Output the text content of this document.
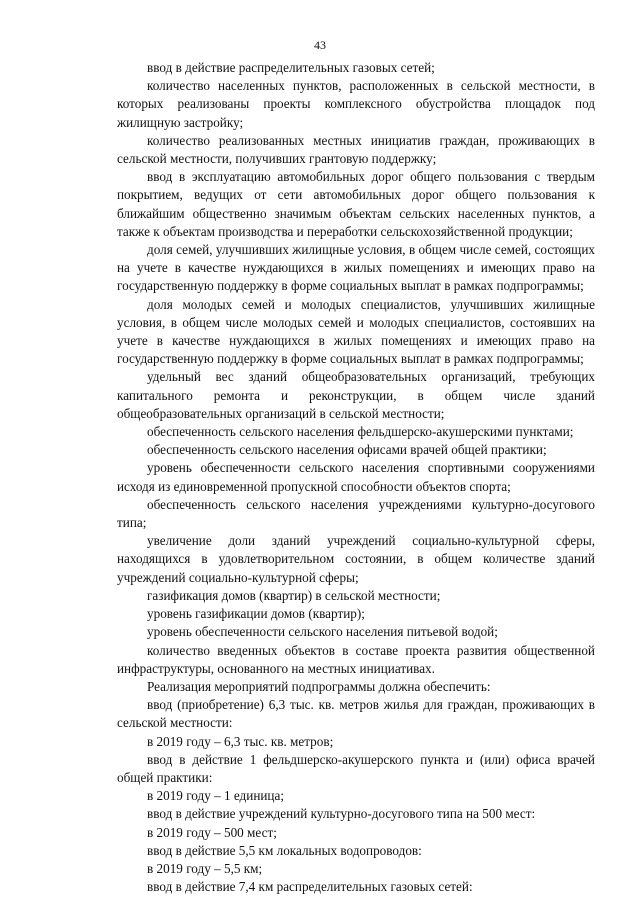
43

ввод в действие распределительных газовых сетей;

количество населенных пунктов, расположенных в сельской местности, в которых реализованы проекты комплексного обустройства площадок под жилищную застройку;

количество реализованных местных инициатив граждан, проживающих в сельской местности, получивших грантовую поддержку;

ввод в эксплуатацию автомобильных дорог общего пользования с твердым покрытием, ведущих от сети автомобильных дорог общего пользования к ближайшим общественно значимым объектам сельских населенных пунктов, а также к объектам производства и переработки сельскохозяйственной продукции;

доля семей, улучшивших жилищные условия, в общем числе семей, состоящих на учете в качестве нуждающихся в жилых помещениях и имеющих право на государственную поддержку в форме социальных выплат в рамках подпрограммы;

доля молодых семей и молодых специалистов, улучшивших жилищные условия, в общем числе молодых семей и молодых специалистов, состоявших на учете в качестве нуждающихся в жилых помещениях и имеющих право на государственную поддержку в форме социальных выплат в рамках подпрограммы;

удельный вес зданий общеобразовательных организаций, требующих капитального ремонта и реконструкции, в общем числе зданий общеобразовательных организаций в сельской местности;

обеспеченность сельского населения фельдшерско-акушерскими пунктами;

обеспеченность сельского населения офисами врачей общей практики;

уровень обеспеченности сельского населения спортивными сооружениями исходя из единовременной пропускной способности объектов спорта;

обеспеченность сельского населения учреждениями культурно-досугового типа;

увеличение доли зданий учреждений социально-культурной сферы, находящихся в удовлетворительном состоянии, в общем количестве зданий учреждений социально-культурной сферы;

газификация домов (квартир) в сельской местности;

уровень газификации домов (квартир);

уровень обеспеченности сельского населения питьевой водой;

количество введенных объектов в составе проекта развития общественной инфраструктуры, основанного на местных инициативах.

Реализация мероприятий подпрограммы должна обеспечить:

ввод (приобретение) 6,3 тыс. кв. метров жилья для граждан, проживающих в сельской местности:

в 2019 году – 6,3 тыс. кв. метров;

ввод в действие 1 фельдшерско-акушерского пункта и (или) офиса врачей общей практики:

в 2019 году – 1 единица;

ввод в действие учреждений культурно-досугового типа на 500 мест:

в 2019 году – 500 мест;

ввод в действие 5,5 км локальных водопроводов:

в 2019 году – 5,5 км;

ввод в действие 7,4 км распределительных газовых сетей:
